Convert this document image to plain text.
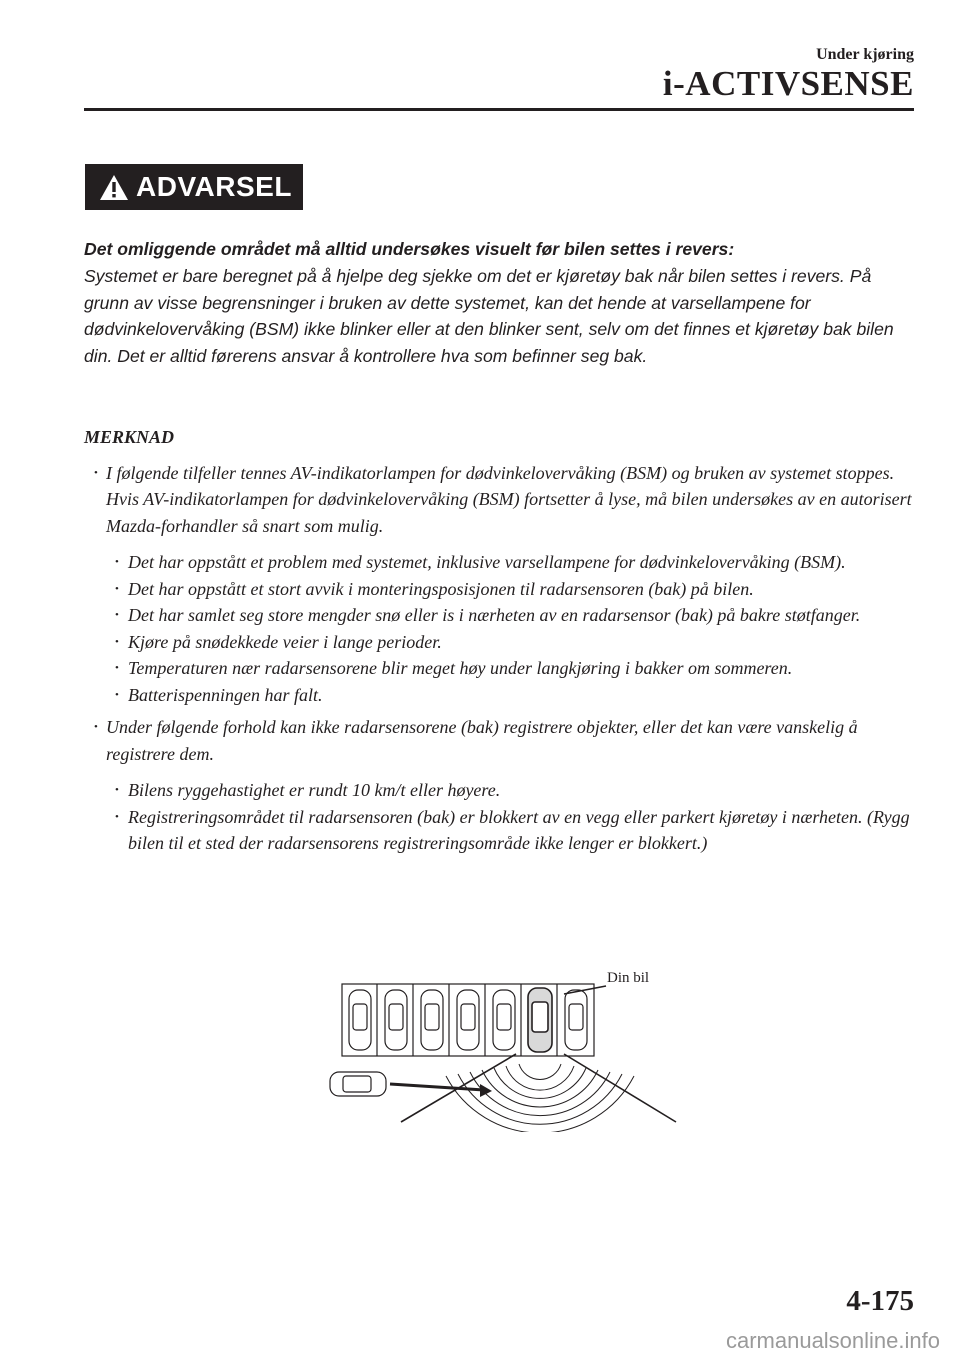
Under kjøring
i-ACTIVSENSE
ADVARSEL
Det omliggende området må alltid undersøkes visuelt før bilen settes i revers:
Systemet er bare beregnet på å hjelpe deg sjekke om det er kjøretøy bak når bilen settes i revers. På grunn av visse begrensninger i bruken av dette systemet, kan det hende at varsellampene for dødvinkelovervåking (BSM) ikke blinker eller at den blinker sent, selv om det finnes et kjøretøy bak bilen din. Det er alltid førerens ansvar å kontrollere hva som befinner seg bak.
MERKNAD
• I følgende tilfeller tennes AV-indikatorlampen for dødvinkelovervåking (BSM) og bruken av systemet stoppes. Hvis AV-indikatorlampen for dødvinkelovervåking (BSM) fortsetter å lyse, må bilen undersøkes av en autorisert Mazda-forhandler så snart som mulig.
• Det har oppstått et problem med systemet, inklusive varsellampene for dødvinkelovervåking (BSM).
• Det har oppstått et stort avvik i monteringsposisjonen til radarsensoren (bak) på bilen.
• Det har samlet seg store mengder snø eller is i nærheten av en radarsensor (bak) på bakre støtfanger.
• Kjøre på snødekkede veier i lange perioder.
• Temperaturen nær radarsensorene blir meget høy under langkjøring i bakker om sommeren.
• Batterispenningen har falt.
• Under følgende forhold kan ikke radarsensorene (bak) registrere objekter, eller det kan være vanskelig å registrere dem.
• Bilens ryggehastighet er rundt 10 km/t eller høyere.
• Registreringsområdet til radarsensoren (bak) er blokkert av en vegg eller parkert kjøretøy i nærheten. (Rygg bilen til et sted der radarsensorens registreringsområde ikke lenger er blokkert.)
Din bil
4-175
carmanualsonline.info
